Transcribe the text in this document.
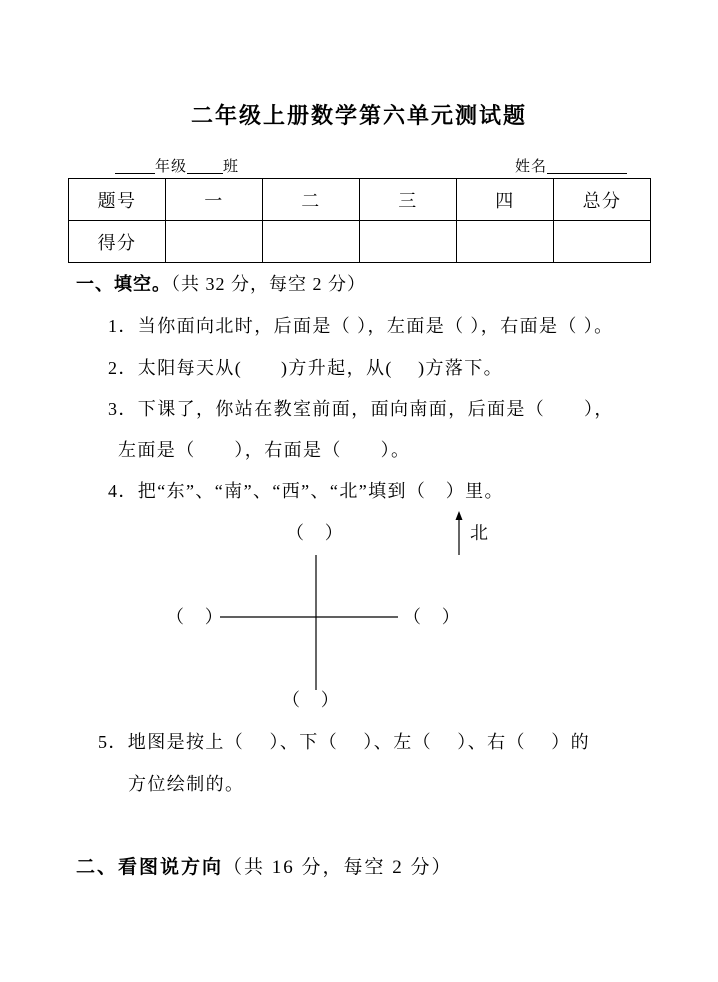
二年级上册数学第六单元测试题
年级 班	姓名
题号	一	二	三	四	总分
得分					
一、填空。（共 32 分，每空 2 分）
1．当你面向北时，后面是（ ），左面是（ ），右面是（ ）。
2．太阳每天从(　　)方升起，从(　 )方落下。
3．下课了，你站在教室前面，面向南面，后面是（　　），
左面是（　　），右面是（　　）。
4．把“东”、“南”、“西”、“北”填到（　）里。
（　）
（　）	（　）
（　）
北
5．地图是按上（　 ）、下（　 ）、左（　 ）、右（　 ）的
方位绘制的。
二、看图说方向（共 16 分，每空 2 分）
